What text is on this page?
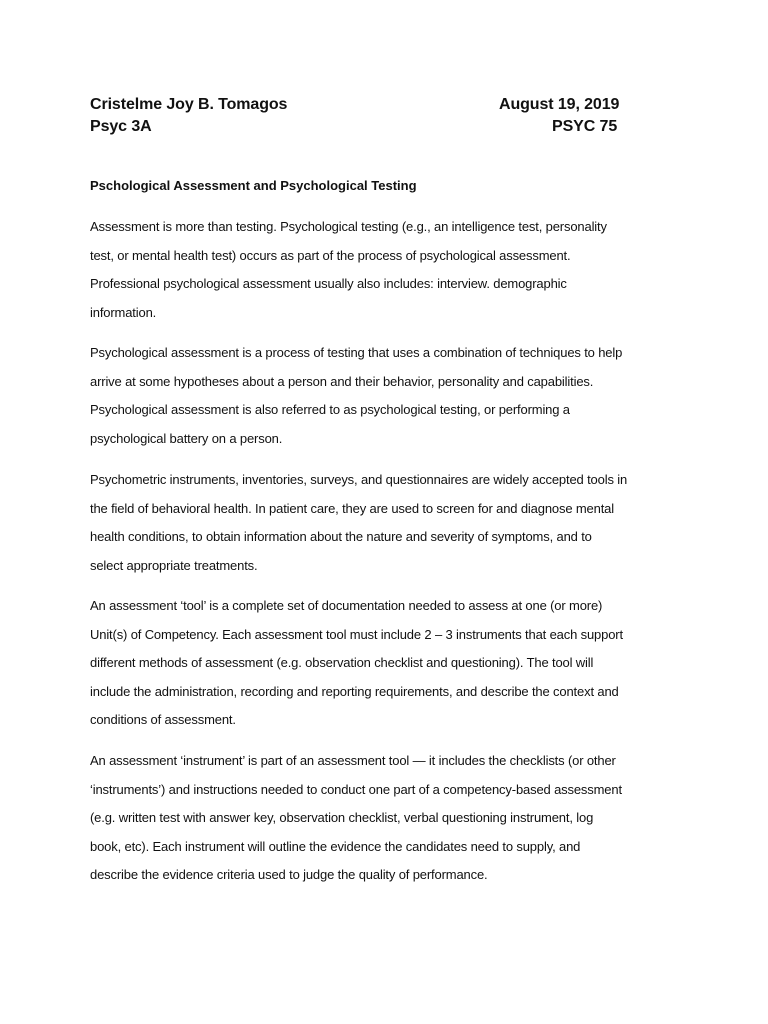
Cristelme Joy B. Tomagos	August 19, 2019
Psyc 3A	PSYC 75
Pschological Assessment and Psychological Testing
Assessment is more than testing. Psychological testing (e.g., an intelligence test, personality
test, or mental health test) occurs as part of the process of psychological assessment.
Professional psychological assessment usually also includes: interview. demographic
information.
Psychological assessment is a process of testing that uses a combination of techniques to help
arrive at some hypotheses about a person and their behavior, personality and capabilities.
Psychological assessment is also referred to as psychological testing, or performing a
psychological battery on a person.
Psychometric instruments, inventories, surveys, and questionnaires are widely accepted tools in
the field of behavioral health. In patient care, they are used to screen for and diagnose mental
health conditions, to obtain information about the nature and severity of symptoms, and to
select appropriate treatments.
An assessment ‘tool’ is a complete set of documentation needed to assess at one (or more)
Unit(s) of Competency. Each assessment tool must include 2 – 3 instruments that each support
different methods of assessment (e.g. observation checklist and questioning). The tool will
include the administration, recording and reporting requirements, and describe the context and
conditions of assessment.
An assessment ‘instrument’ is part of an assessment tool — it includes the checklists (or other
‘instruments’) and instructions needed to conduct one part of a competency-based assessment
(e.g. written test with answer key, observation checklist, verbal questioning instrument, log
book, etc). Each instrument will outline the evidence the candidates need to supply, and
describe the evidence criteria used to judge the quality of performance.
